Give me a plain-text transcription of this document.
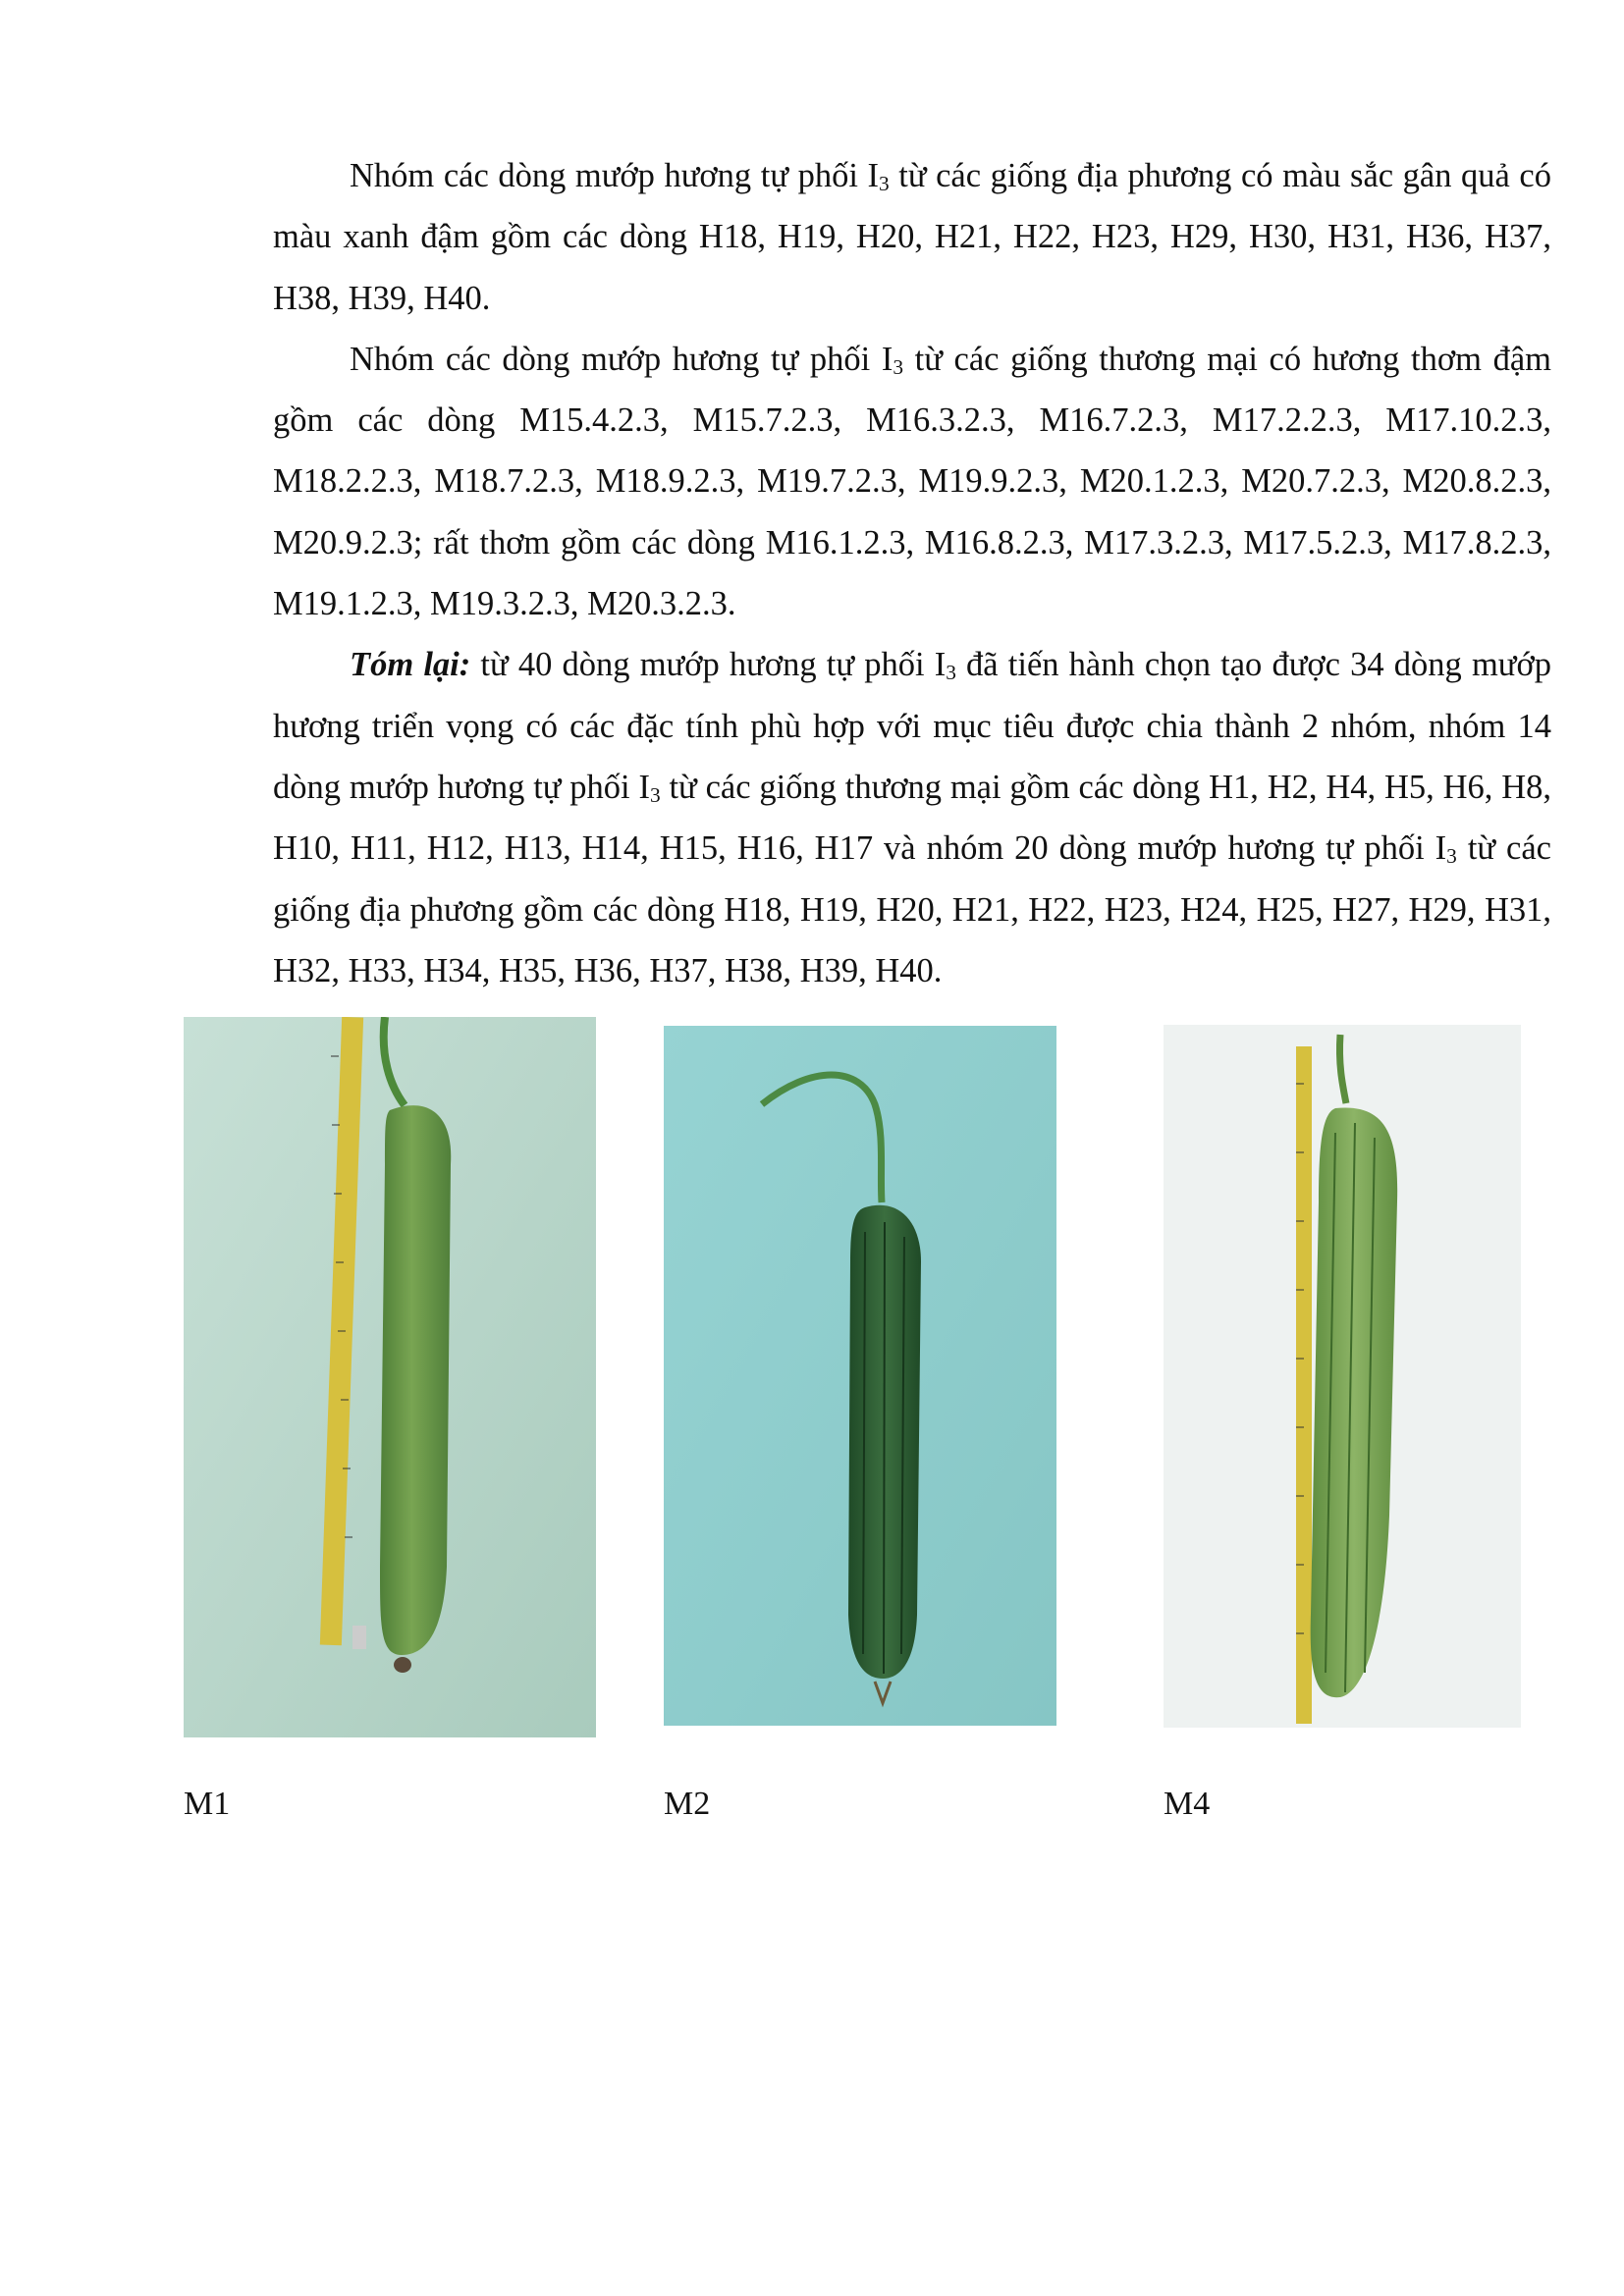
Nhóm các dòng mướp hương tự phối $I_3$ từ các giống địa phương có màu sắc gân quả có màu xanh đậm gồm các dòng H18, H19, H20, H21, H22, H23, H29, H30, H31, H36, H37, H38, H39, H40.

Nhóm các dòng mướp hương tự phối $I_3$ từ các giống thương mại có hương thơm đậm gồm các dòng M15.4.2.3, M15.7.2.3, M16.3.2.3, M16.7.2.3, M17.2.2.3, M17.10.2.3, M18.2.2.3, M18.7.2.3, M18.9.2.3, M19.7.2.3, M19.9.2.3, M20.1.2.3, M20.7.2.3, M20.8.2.3, M20.9.2.3; rất thơm gồm các dòng M16.1.2.3, M16.8.2.3, M17.3.2.3, M17.5.2.3, M17.8.2.3, M19.1.2.3, M19.3.2.3, M20.3.2.3.

Tóm lại: từ 40 dòng mướp hương tự phối $I_3$ đã tiến hành chọn tạo được 34 dòng mướp hương triển vọng có các đặc tính phù hợp với mục tiêu được chia thành 2 nhóm, nhóm 14 dòng mướp hương tự phối $I_3$ từ các giống thương mại gồm các dòng H1, H2, H4, H5, H6, H8, H10, H11, H12, H13, H14, H15, H16, H17 và nhóm 20 dòng mướp hương tự phối $I_3$ từ các giống địa phương gồm các dòng H18, H19, H20, H21, H22, H23, H24, H25, H27, H29, H31, H32, H33, H34, H35, H36, H37, H38, H39, H40.

M1	M2	M4
